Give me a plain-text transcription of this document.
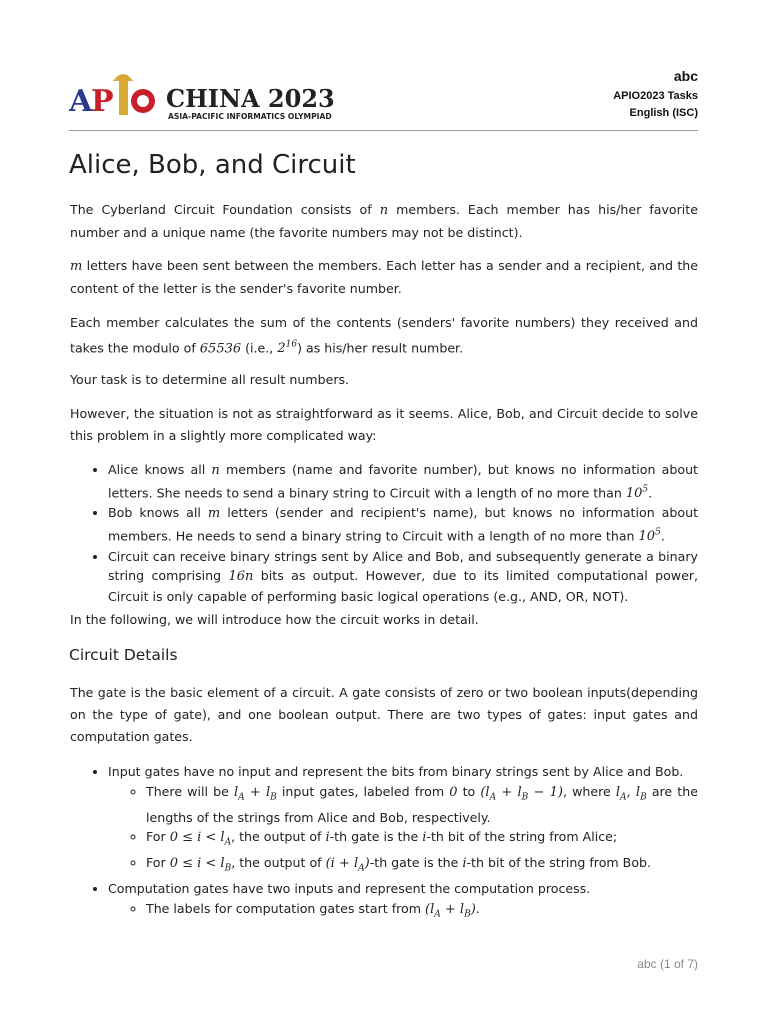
A
P CHINA 2023
ASIA-PACIFIC INFORMATICS OLYMPIAD
abc
APIO2023 Tasks
English (ISC)
Alice, Bob, and Circuit
The Cyberland Circuit Foundation consists of n members. Each member has his/her favorite number and a unique name (the favorite numbers may not be distinct).
m letters have been sent between the members. Each letter has a sender and a recipient, and the content of the letter is the sender's favorite number.
Each member calculates the sum of the contents (senders' favorite numbers) they received and takes the modulo of 65536 (i.e., $2^{16}$) as his/her result number.
Your task is to determine all result numbers.
However, the situation is not as straightforward as it seems. Alice, Bob, and Circuit decide to solve this problem in a slightly more complicated way:
• Alice knows all n members (name and favorite number), but knows no information about letters. She needs to send a binary string to Circuit with a length of no more than $10^5$.
• Bob knows all m letters (sender and recipient's name), but knows no information about members. He needs to send a binary string to Circuit with a length of no more than $10^5$.
• Circuit can receive binary strings sent by Alice and Bob, and subsequently generate a binary string comprising 16n bits as output. However, due to its limited computational power, Circuit is only capable of performing basic logical operations (e.g., AND, OR, NOT).
In the following, we will introduce how the circuit works in detail.
Circuit Details
The gate is the basic element of a circuit. A gate consists of zero or two boolean inputs(depending on the type of gate), and one boolean output. There are two types of gates: input gates and computation gates.
• Input gates have no input and represent the bits from binary strings sent by Alice and Bob.
◦ There will be $l_A + l_B$ input gates, labeled from 0 to $(l_A + l_B - 1)$, where $l_A$, $l_B$ are the lengths of the strings from Alice and Bob, respectively.
◦ For $0 \le i < l_A$, the output of i-th gate is the i-th bit of the string from Alice;
◦ For $0 \le i < l_B$, the output of $(i + l_A)-th$ gate is the i-th bit of the string from Bob.
• Computation gates have two inputs and represent the computation process.
◦ The labels for computation gates start from $(l_A + l_B)$.
abc (1 of 7)
